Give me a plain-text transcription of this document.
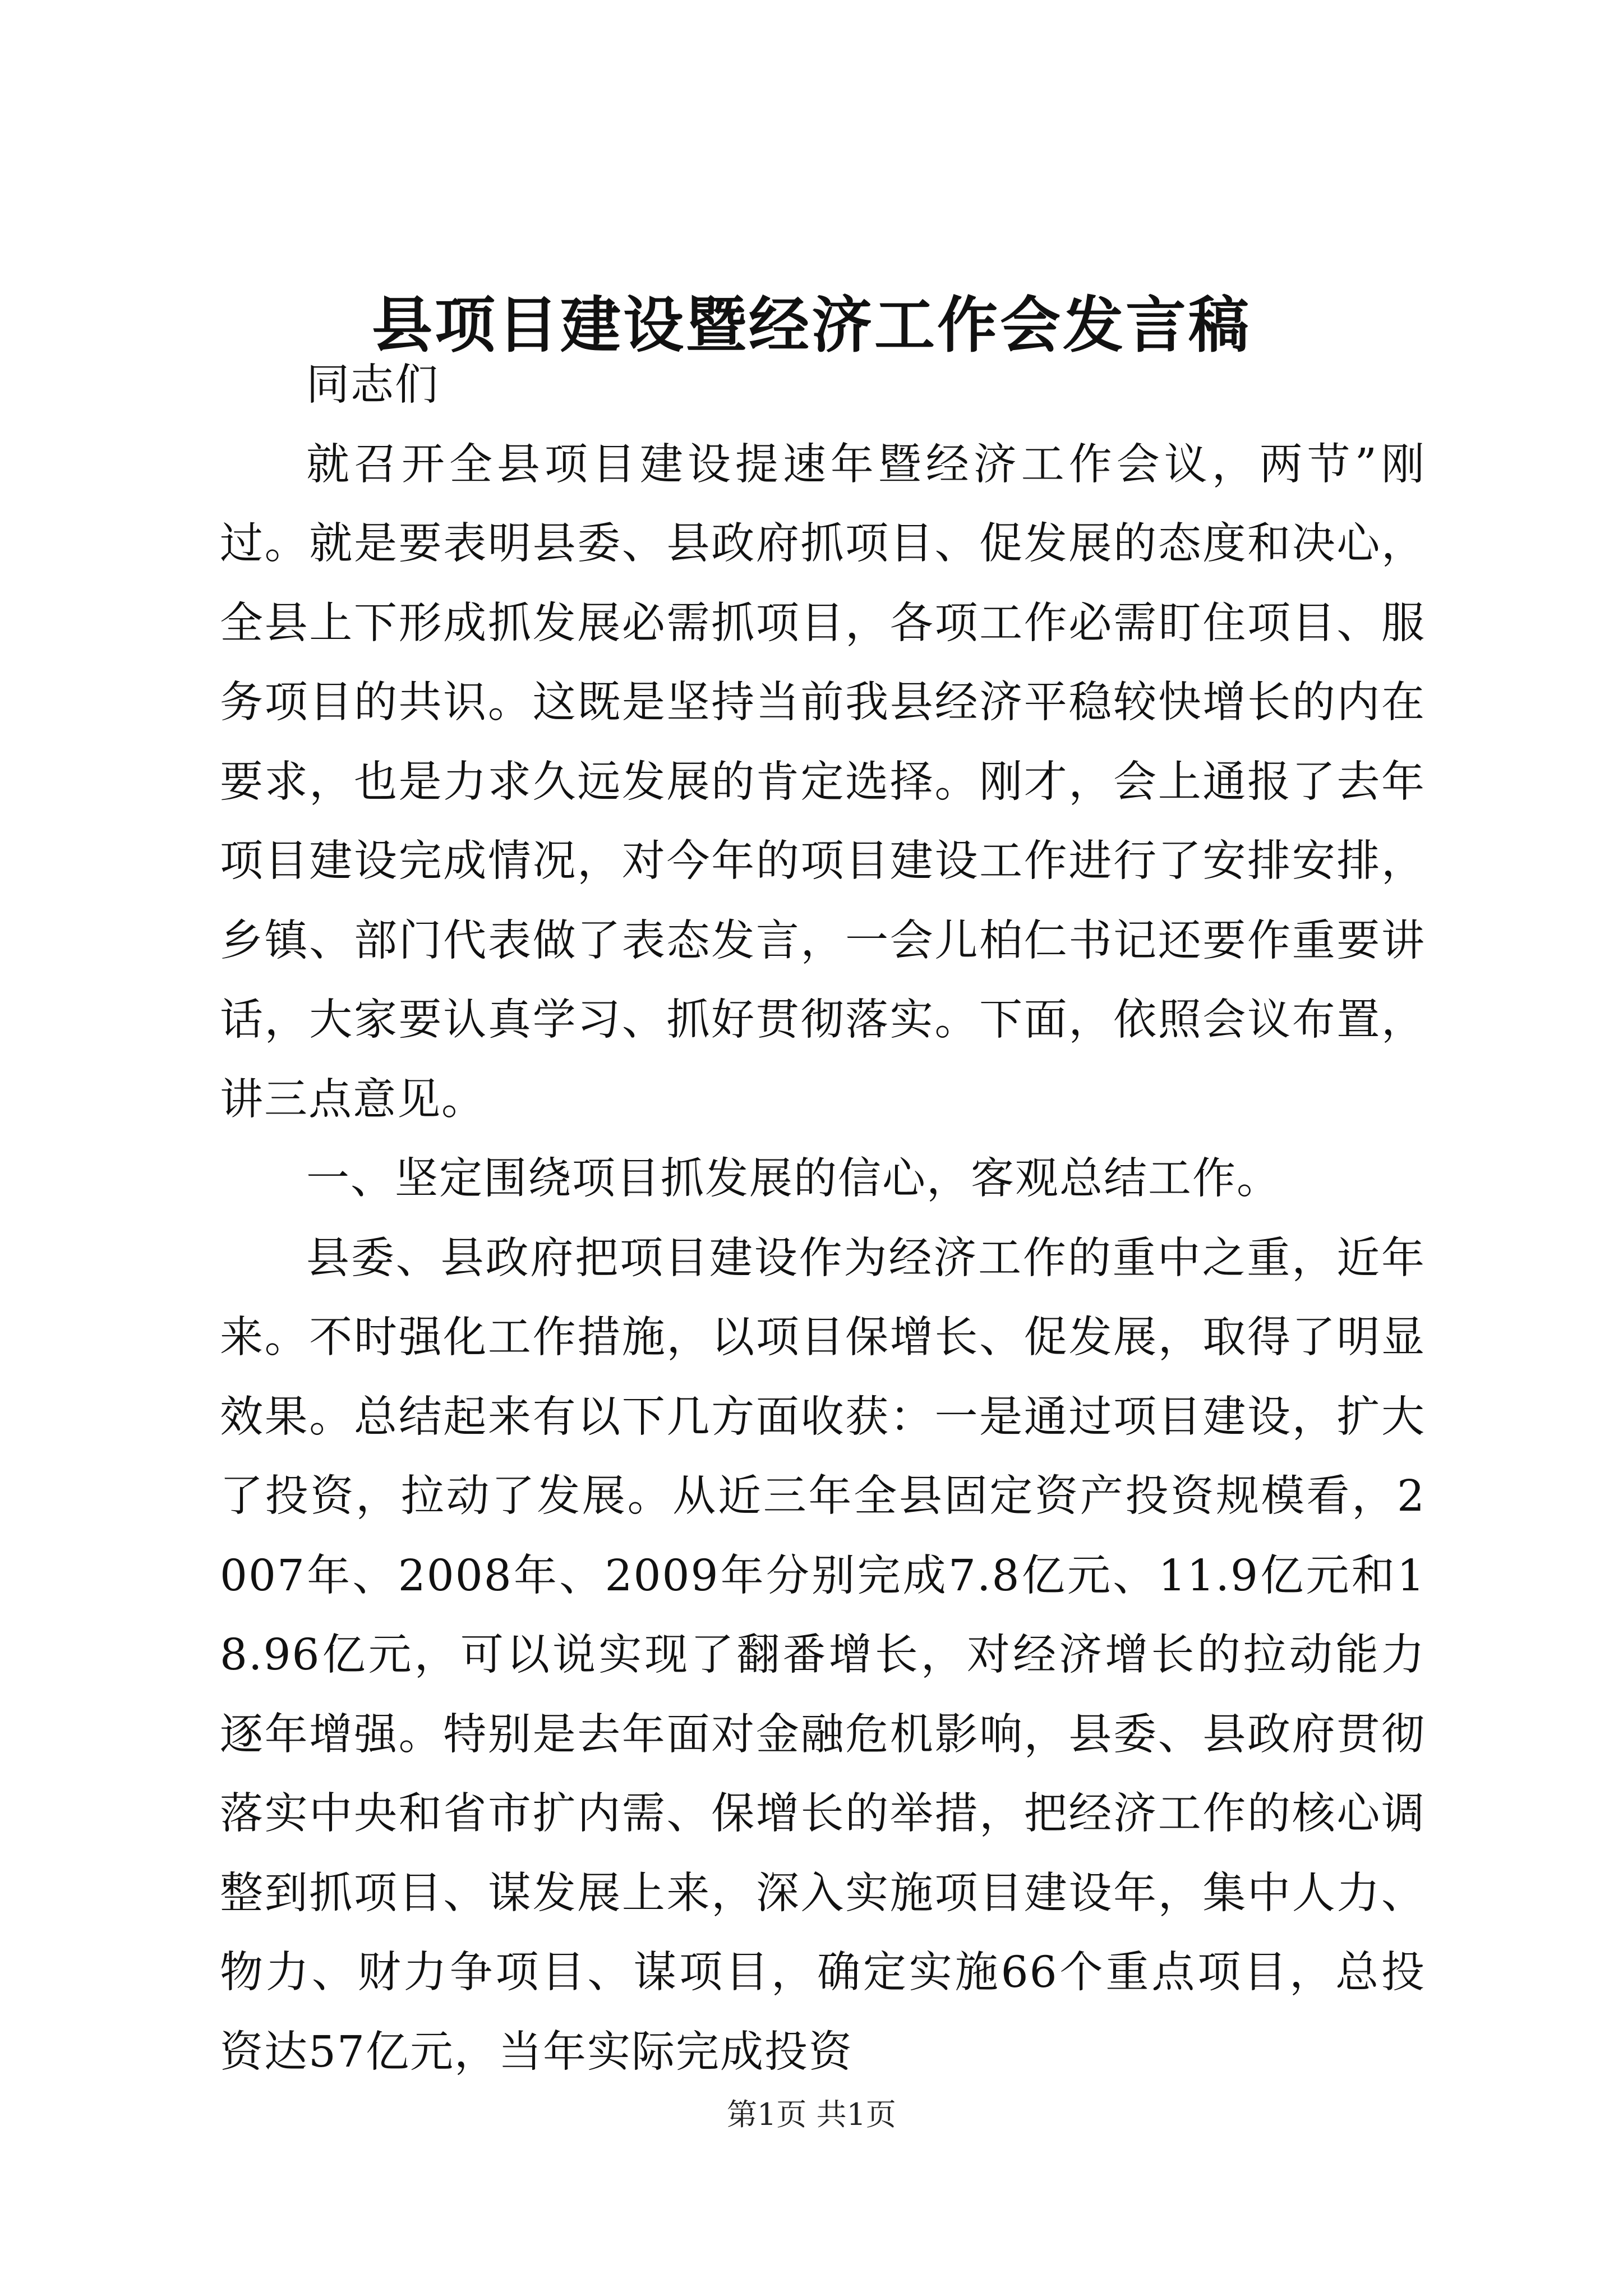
县项目建设暨经济工作会发言稿

同志们

就召开全县项目建设提速年暨经济工作会议，两节”刚过。就是要表明县委、县政府抓项目、促发展的态度和决心，全县上下形成抓发展必需抓项目，各项工作必需盯住项目、服务项目的共识。这既是坚持当前我县经济平稳较快增长的内在要求，也是力求久远发展的肯定选择。刚才，会上通报了去年项目建设完成情况，对今年的项目建设工作进行了安排安排，乡镇、部门代表做了表态发言，一会儿柏仁书记还要作重要讲话，大家要认真学习、抓好贯彻落实。下面，依照会议布置，讲三点意见。

一、坚定围绕项目抓发展的信心，客观总结工作。

县委、县政府把项目建设作为经济工作的重中之重，近年来。不时强化工作措施，以项目保增长、促发展，取得了明显效果。总结起来有以下几方面收获：一是通过项目建设，扩大了投资，拉动了发展。从近三年全县固定资产投资规模看，2007年、2008年、2009年分别完成7.8亿元、11.9亿元和18.96亿元，可以说实现了翻番增长，对经济增长的拉动能力逐年增强。特别是去年面对金融危机影响，县委、县政府贯彻落实中央和省市扩内需、保增长的举措，把经济工作的核心调整到抓项目、谋发展上来，深入实施项目建设年，集中人力、物力、财力争项目、谋项目，确定实施66个重点项目，总投资达57亿元，当年实际完成投资

第1页 共1页
